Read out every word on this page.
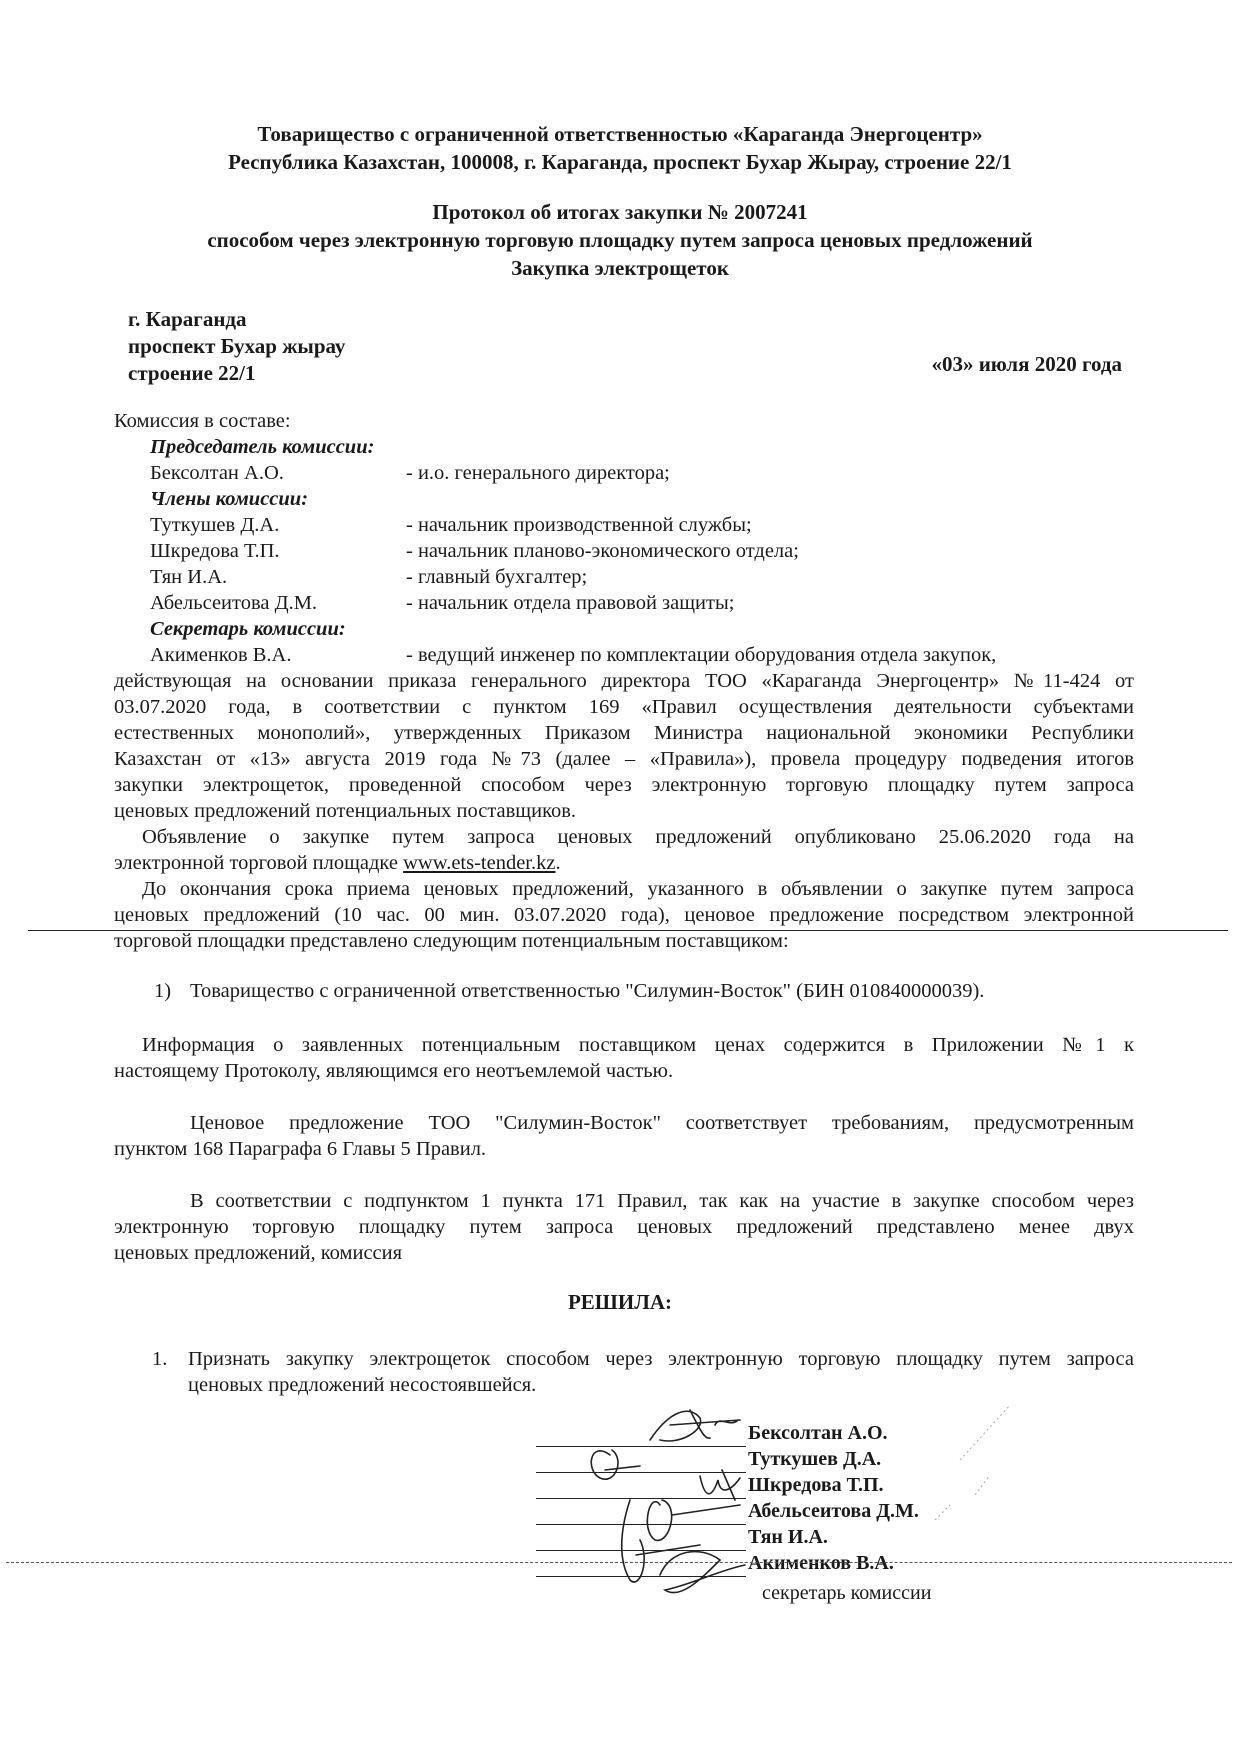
Товарищество с ограниченной ответственностью «Караганда Энергоцентр»
Республика Казахстан, 100008, г. Караганда, проспект Бухар Жырау, строение 22/1
Протокол об итогах закупки № 2007241
способом через электронную торговую площадку путем запроса ценовых предложений
Закупка электрощеток
г. Караганда
проспект Бухар жырау
строение 22/1	«03» июля 2020 года
Комиссия в составе:
Председатель комиссии:
Бексолтан А.О.	- и.о. генерального директора;
Члены комиссии:
Туткушев Д.А.	- начальник производственной службы;
Шкредова Т.П.	- начальник планово-экономического отдела;
Тян И.А.	- главный бухгалтер;
Абельсеитова Д.М.	- начальник отдела правовой защиты;
Секретарь комиссии:
Акименков В.А.	- ведущий инженер по комплектации оборудования отдела закупок,
действующая на основании приказа генерального директора ТОО «Караганда Энергоцентр» №11-424 от
03.07.2020 года, в соответствии с пунктом 169 «Правил осуществления деятельности субъектами
естественных монополий», утвержденных Приказом Министра национальной экономики Республики
Казахстан от «13» августа 2019 года №73 (далее – «Правила»), провела процедуру подведения итогов
закупки электрощеток, проведенной способом через электронную торговую площадку путем запроса
ценовых предложений потенциальных поставщиков.
Объявление о закупке путем запроса ценовых предложений опубликовано 25.06.2020 года на
электронной торговой площадке www.ets-tender.kz.
До окончания срока приема ценовых предложений, указанного в объявлении о закупке путем запроса
ценовых предложений (10 час. 00 мин. 03.07.2020 года), ценовое предложение посредством электронной
торговой площадки представлено следующим потенциальным поставщиком:
1) Товарищество с ограниченной ответственностью "Силумин-Восток" (БИН 010840000039).
Информация о заявленных потенциальным поставщиком ценах содержится в Приложении №1 к
настоящему Протоколу, являющимся его неотъемлемой частью.
Ценовое предложение ТОО "Силумин-Восток" соответствует требованиям, предусмотренным
пунктом 168 Параграфа 6 Главы 5 Правил.
В соответствии с подпунктом 1 пункта 171 Правил, так как на участие в закупке способом через
электронную торговую площадку путем запроса ценовых предложений представлено менее двух
ценовых предложений, комиссия
РЕШИЛА:
1. Признать закупку электрощеток способом через электронную торговую площадку путем запроса
ценовых предложений несостоявшейся.
Бексолтан А.О.
Туткушев Д.А.
Шкредова Т.П.
Абельсеитова Д.М.
Тян И.А.
Акименков В.А.
секретарь комиссии
